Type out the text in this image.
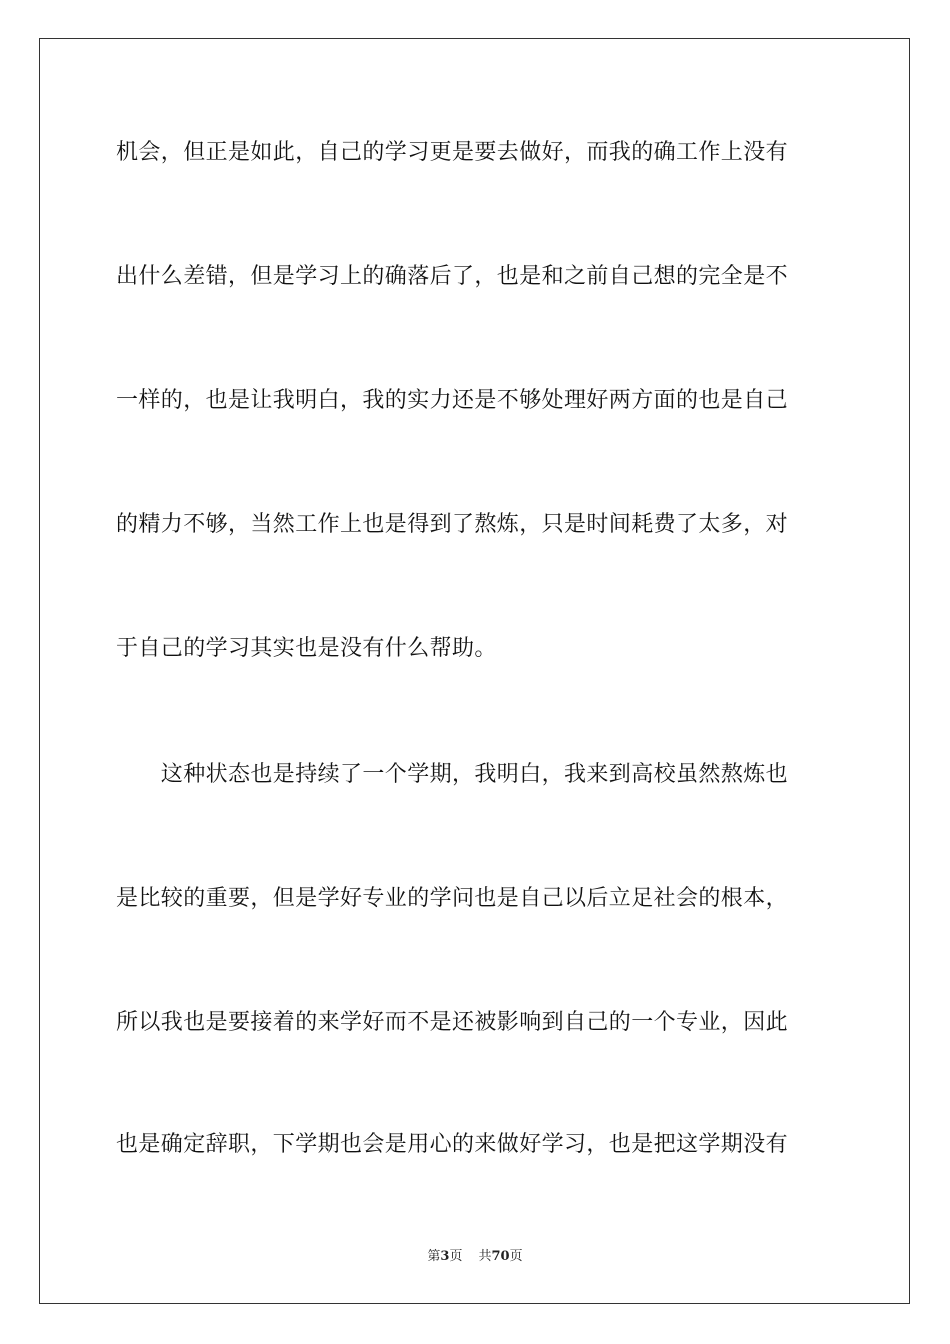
机会，但正是如此，自己的学习更是要去做好，而我的确工作上没有
出什么差错，但是学习上的确落后了，也是和之前自己想的完全是不
一样的，也是让我明白，我的实力还是不够处理好两方面的也是自己
的精力不够，当然工作上也是得到了熬炼，只是时间耗费了太多，对
于自己的学习其实也是没有什么帮助。
　　这种状态也是持续了一个学期，我明白，我来到高校虽然熬炼也
是比较的重要，但是学好专业的学问也是自己以后立足社会的根本，
所以我也是要接着的来学好而不是还被影响到自己的一个专业，因此
也是确定辞职，下学期也会是用心的来做好学习，也是把这学期没有
第3页 共70页
